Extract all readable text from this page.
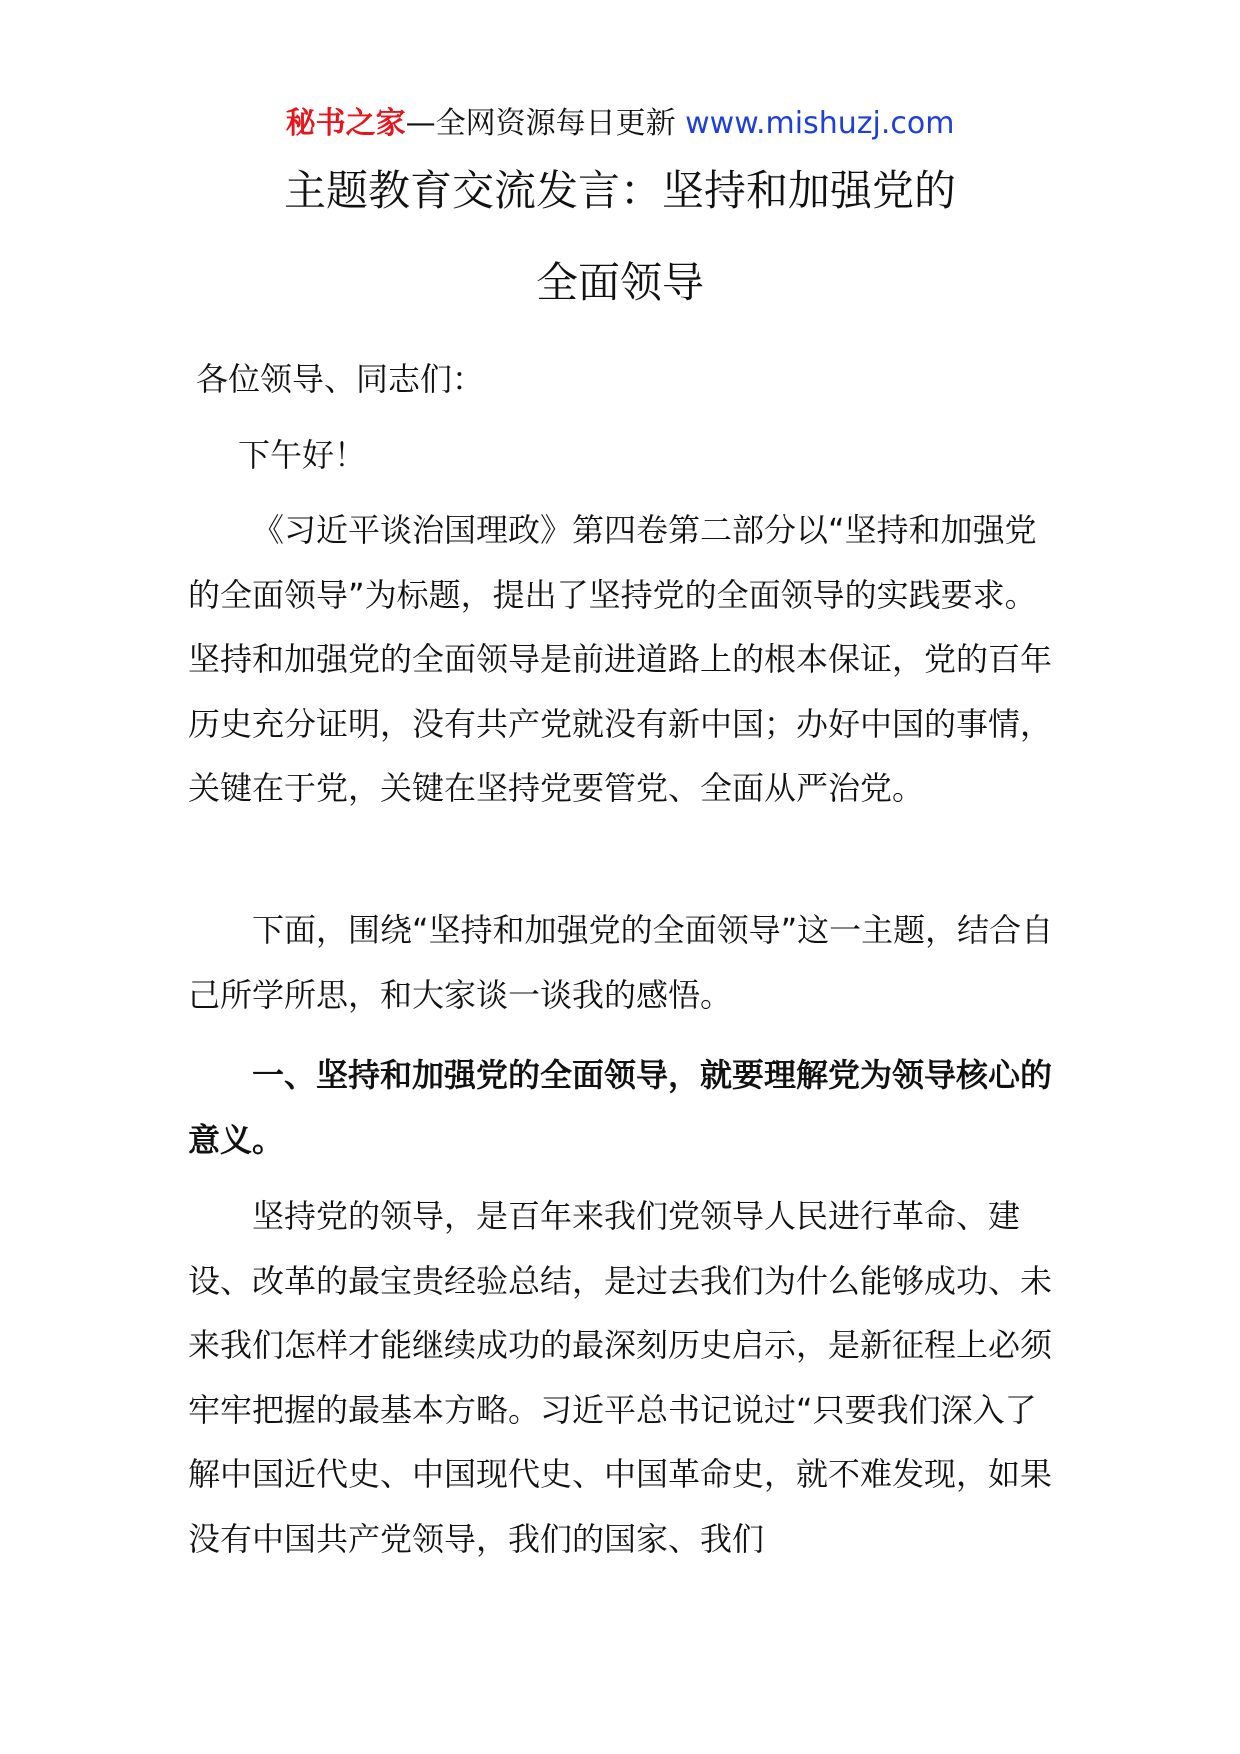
秘书之家—全网资源每日更新 www.mishuzj.com
主题教育交流发言：坚持和加强党的
全面领导
各位领导、同志们：
下午好！

《习近平谈治国理政》第四卷第二部分以“坚持和加强党的全面领导”为标题，提出了坚持党的全面领导的实践要求。坚持和加强党的全面领导是前进道路上的根本保证，党的百年历史充分证明，没有共产党就没有新中国；办好中国的事情，关键在于党，关键在坚持党要管党、全面从严治党。

下面，围绕“坚持和加强党的全面领导”这一主题，结合自己所学所思，和大家谈一谈我的感悟。

一、坚持和加强党的全面领导，就要理解党为领导核心的意义。

坚持党的领导，是百年来我们党领导人民进行革命、建设、改革的最宝贵经验总结，是过去我们为什么能够成功、未来我们怎样才能继续成功的最深刻历史启示，是新征程上必须牢牢把握的最基本方略。习近平总书记说过“只要我们深入了解中国近代史、中国现代史、中国革命史，就不难发现，如果没有中国共产党领导，我们的国家、我们
